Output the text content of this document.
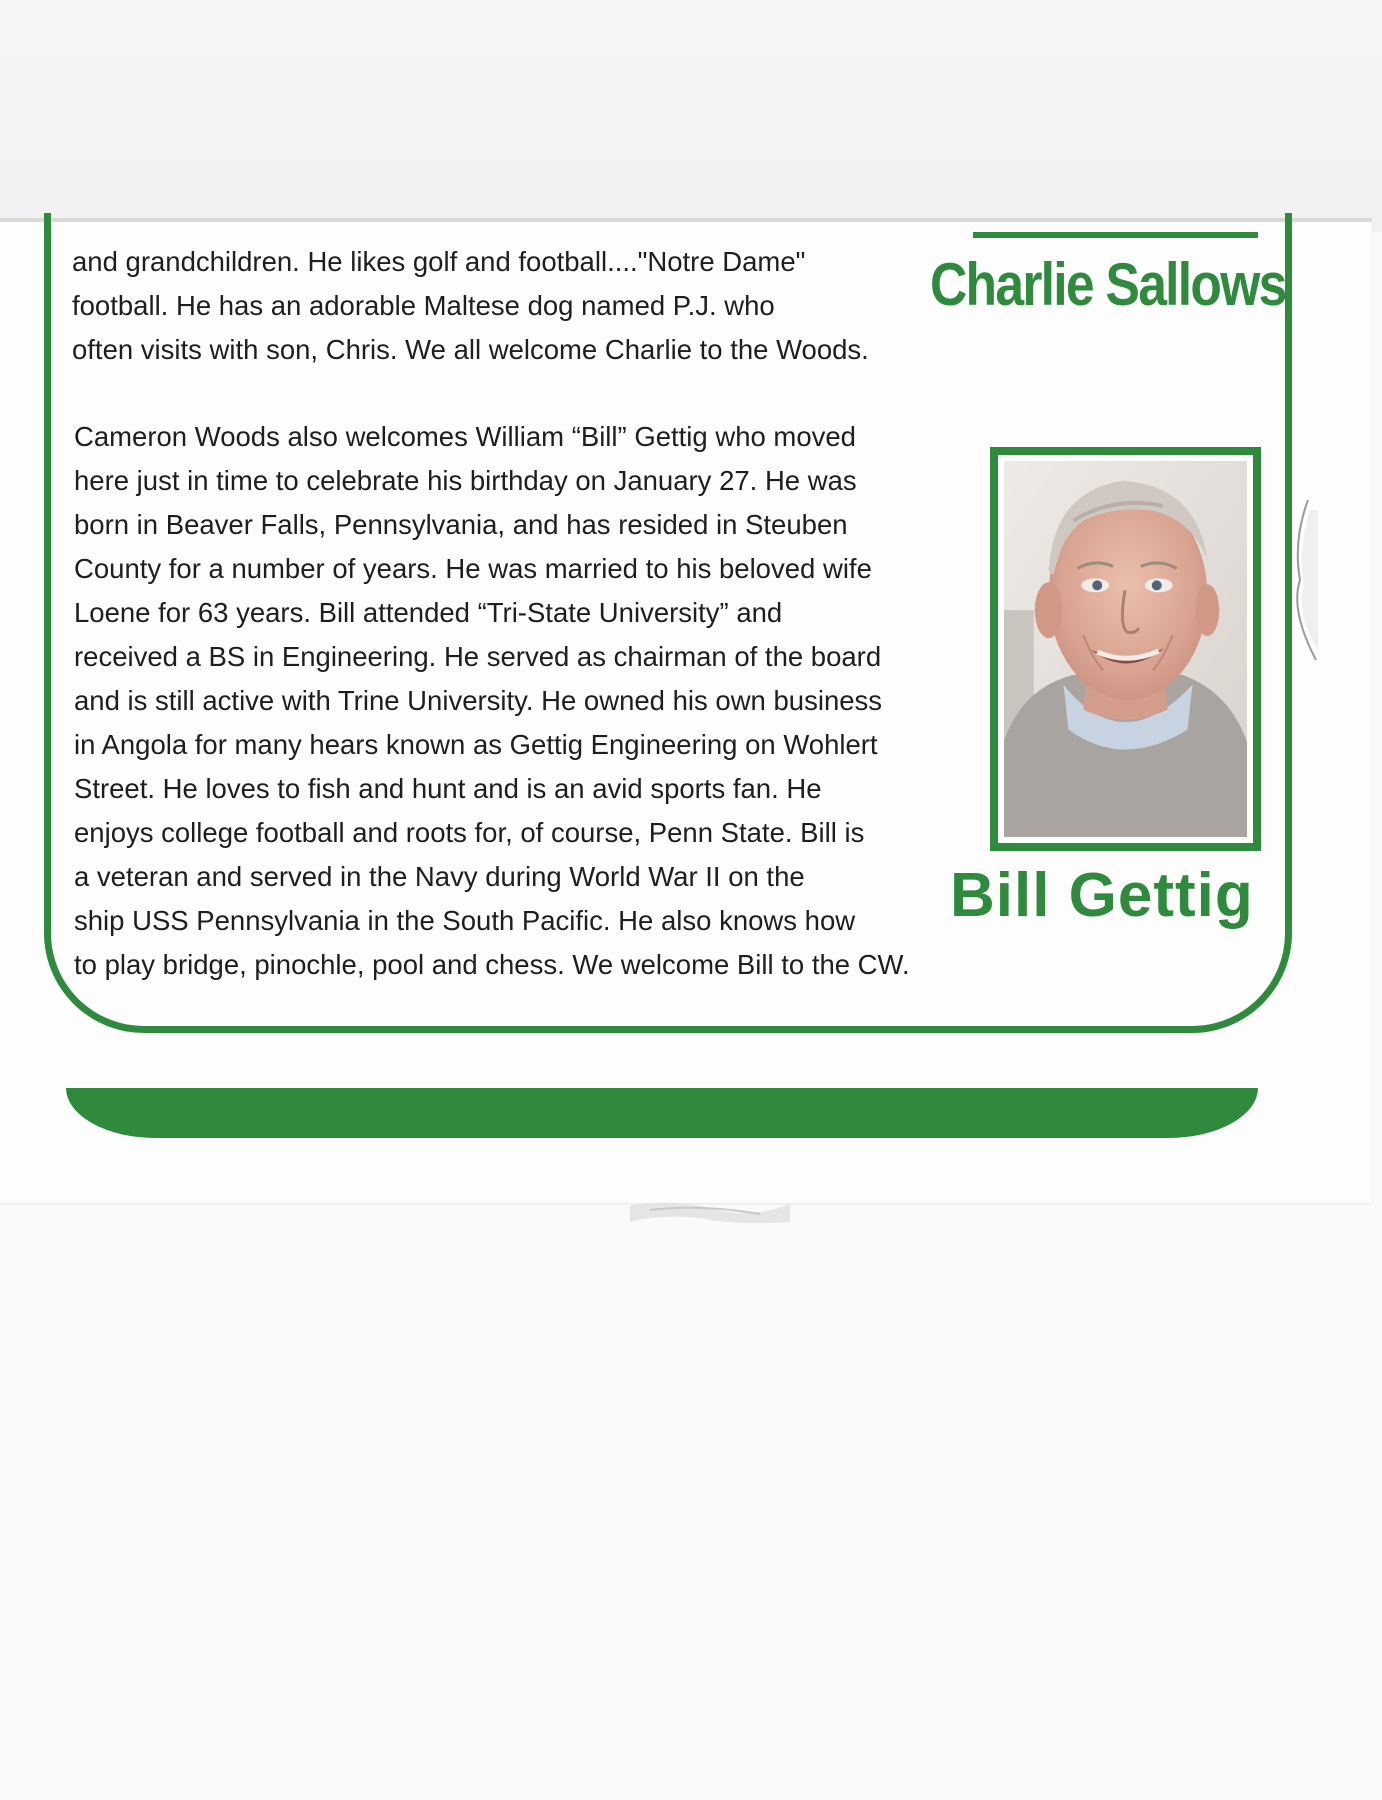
and grandchildren. He likes golf and football...."Notre Dame"
football. He has an adorable Maltese dog named P.J. who
often visits with son, Chris. We all welcome Charlie to the Woods.

Charlie Sallows

Cameron Woods also welcomes William “Bill” Gettig who moved
here just in time to celebrate his birthday on January 27. He was
born in Beaver Falls, Pennsylvania, and has resided in Steuben
County for a number of years. He was married to his beloved wife
Loene for 63 years. Bill attended “Tri-State University” and
received a BS in Engineering. He served as chairman of the board
and is still active with Trine University. He owned his own business
in Angola for many hears known as Gettig Engineering on Wohlert
Street. He loves to fish and hunt and is an avid sports fan. He
enjoys college football and roots for, of course, Penn State. Bill is
a veteran and served in the Navy during World War II on the
ship USS Pennsylvania in the South Pacific. He also knows how
to play bridge, pinochle, pool and chess. We welcome Bill to the CW.

Bill Gettig
